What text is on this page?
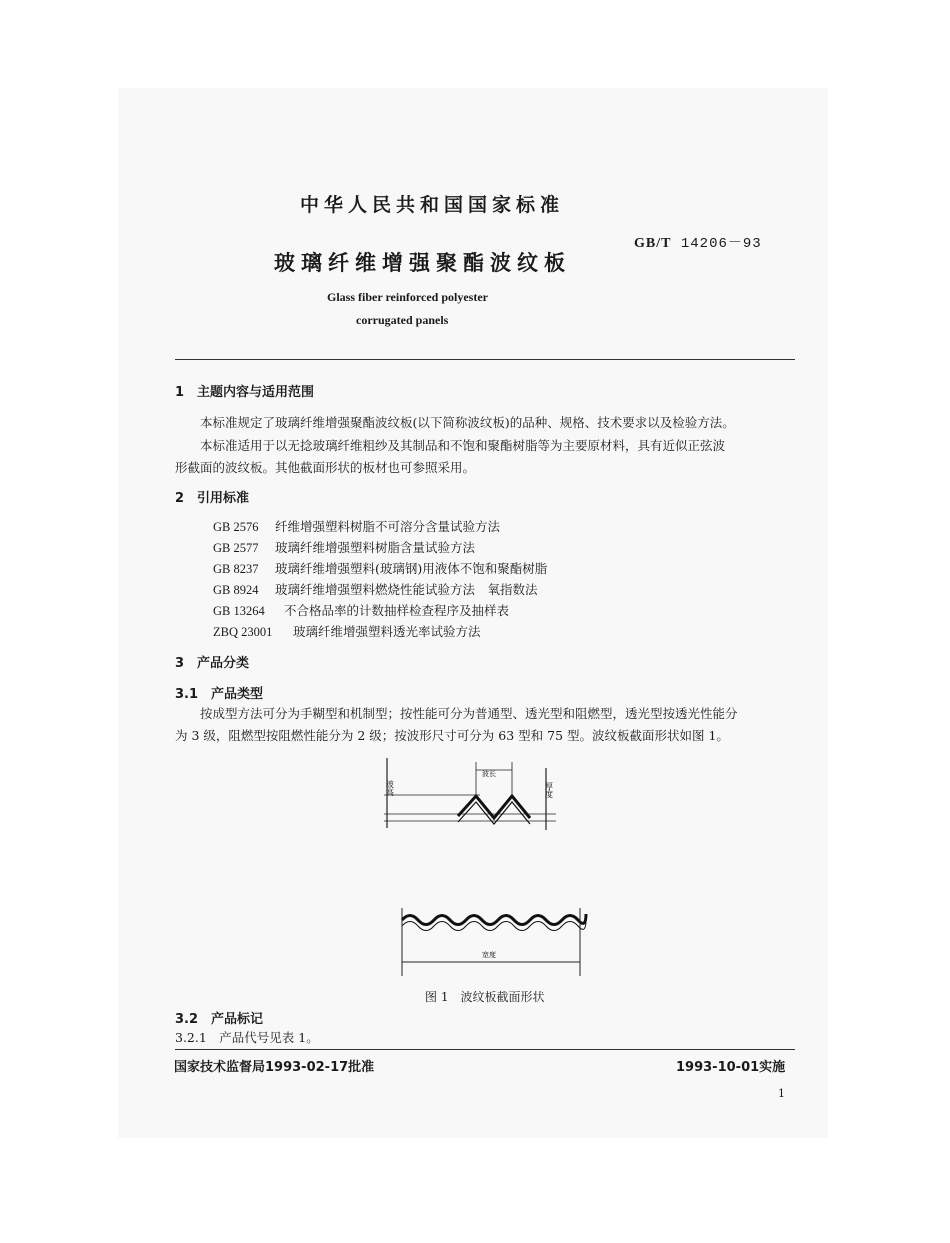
中华人民共和国国家标准
玻璃纤维增强聚酯波纹板
GB/T 14206－93
Glass fiber reinforced polyester
corrugated panels
1　主题内容与适用范围
本标准规定了玻璃纤维增强聚酯波纹板(以下简称波纹板)的品种、规格、技术要求以及检验方法。
本标准适用于以无捻玻璃纤维粗纱及其制品和不饱和聚酯树脂等为主要原材料，具有近似正弦波
形截面的波纹板。其他截面形状的板材也可参照采用。
2　引用标准
GB 2576 纤维增强塑料树脂不可溶分含量试验方法
GB 2577 玻璃纤维增强塑料树脂含量试验方法
GB 8237 玻璃纤维增强塑料(玻璃钢)用液体不饱和聚酯树脂
GB 8924 玻璃纤维增强塑料燃烧性能试验方法　氧指数法
GB 13264 不合格品率的计数抽样检查程序及抽样表
ZBQ 23001 玻璃纤维增强塑料透光率试验方法
3　产品分类
3.1　产品类型
按成型方法可分为手糊型和机制型；按性能可分为普通型、透光型和阻燃型，透光型按透光性能分
为 3 级，阻燃型按阻燃性能分为 2 级；按波形尺寸可分为 63 型和 75 型。波纹板截面形状如图 1。
波高
波长
厚度
宽度
图 1　波纹板截面形状
3.2　产品标记
3.2.1　产品代号见表 1。
国家技术监督局1993-02-17批准	1993-10-01实施
1
